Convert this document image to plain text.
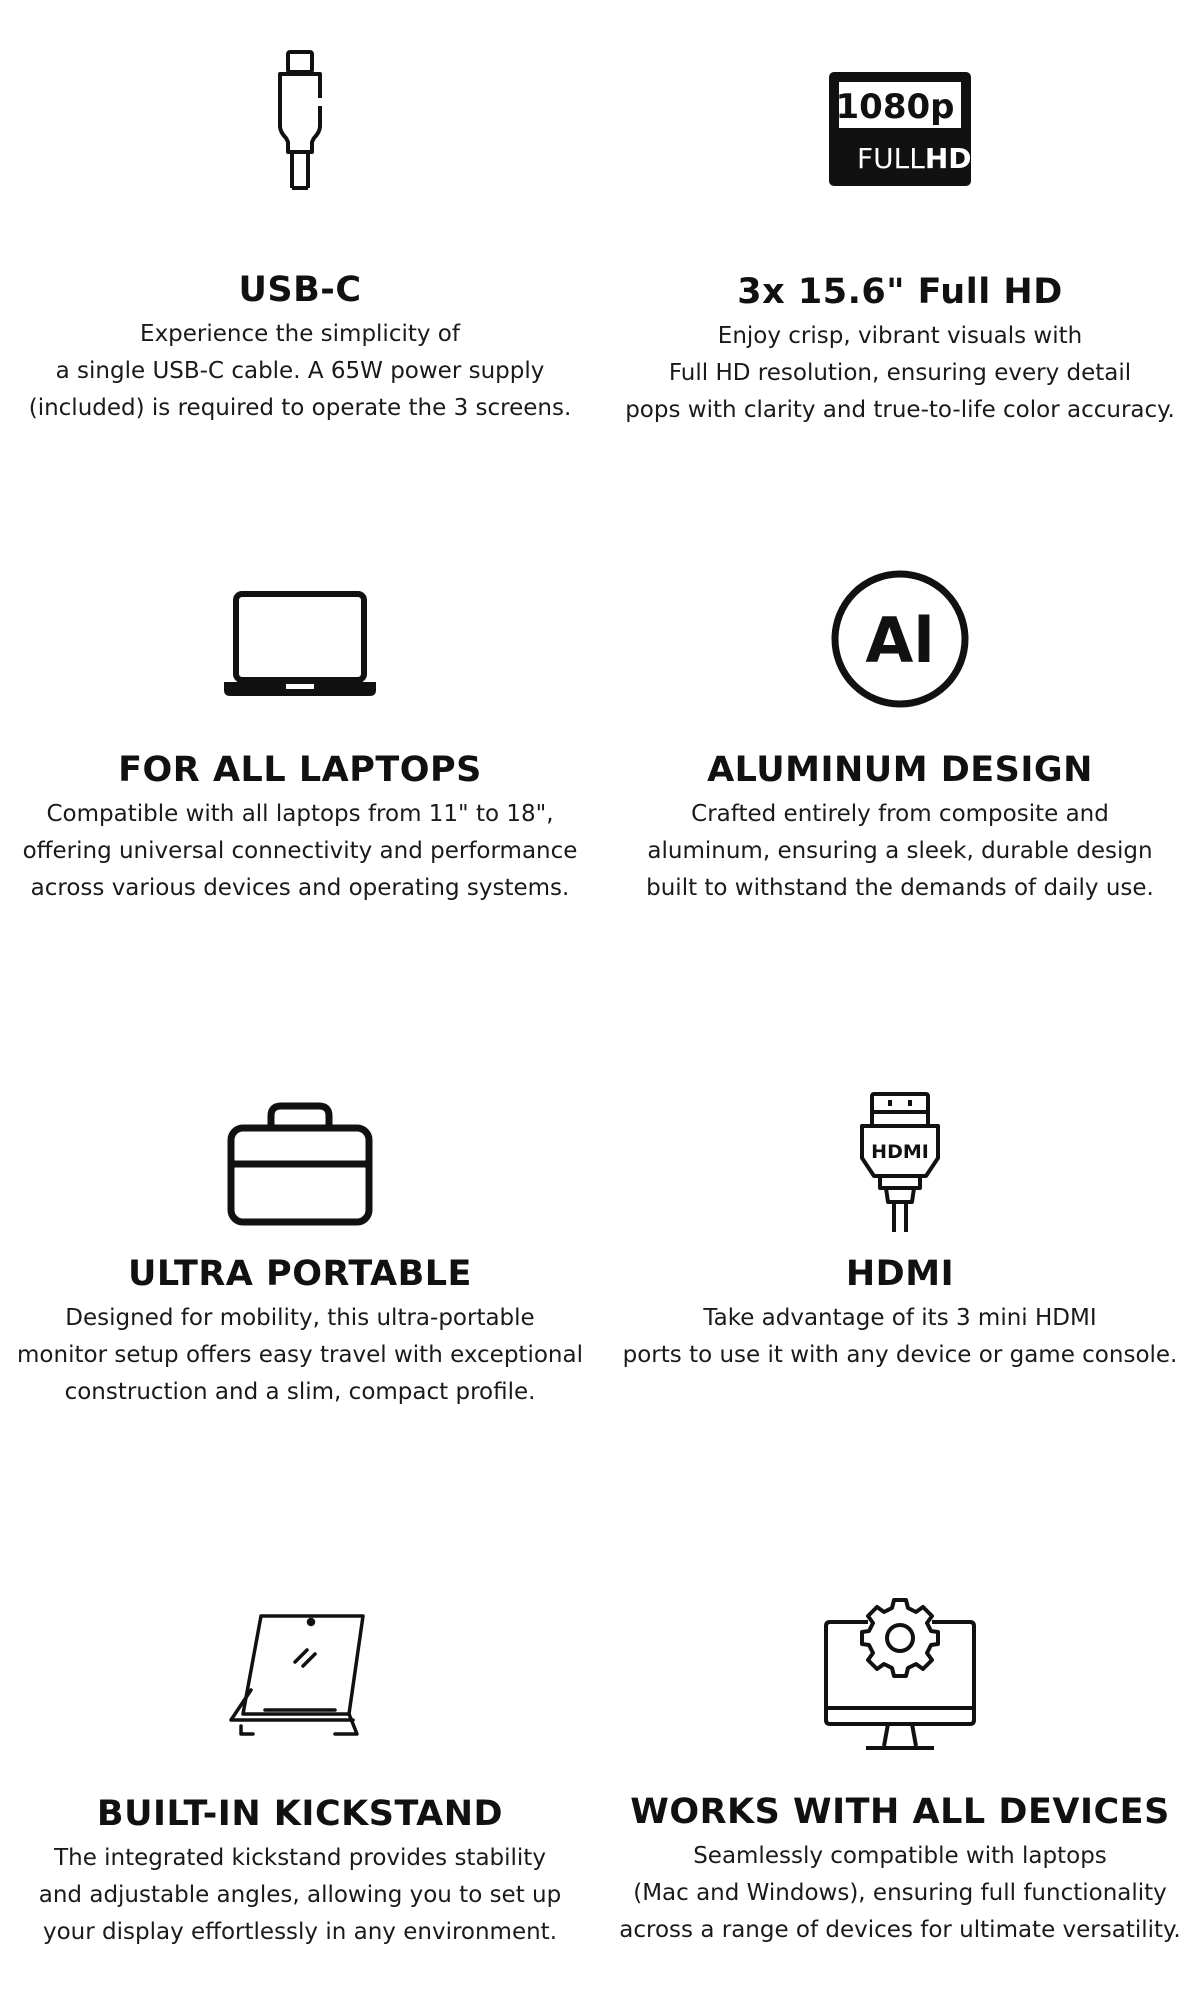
USB-C
Experience the simplicity of
a single USB-C cable. A 65W power supply
(included) is required to operate the 3 screens.
1080p
FULLHD
3x 15.6" Full HD
Enjoy crisp, vibrant visuals with
Full HD resolution, ensuring every detail
pops with clarity and true-to-life color accuracy.
FOR ALL LAPTOPS
Compatible with all laptops from 11" to 18",
offering universal connectivity and performance
across various devices and operating systems.
Al
ALUMINUM DESIGN
Crafted entirely from composite and
aluminum, ensuring a sleek, durable design
built to withstand the demands of daily use.
ULTRA PORTABLE
Designed for mobility, this ultra-portable
monitor setup offers easy travel with exceptional
construction and a slim, compact profile.
HDMI
HDMI
Take advantage of its 3 mini HDMI
ports to use it with any device or game console.
BUILT-IN KICKSTAND
The integrated kickstand provides stability
and adjustable angles, allowing you to set up
your display effortlessly in any environment.
WORKS WITH ALL DEVICES
Seamlessly compatible with laptops
(Mac and Windows), ensuring full functionality
across a range of devices for ultimate versatility.
